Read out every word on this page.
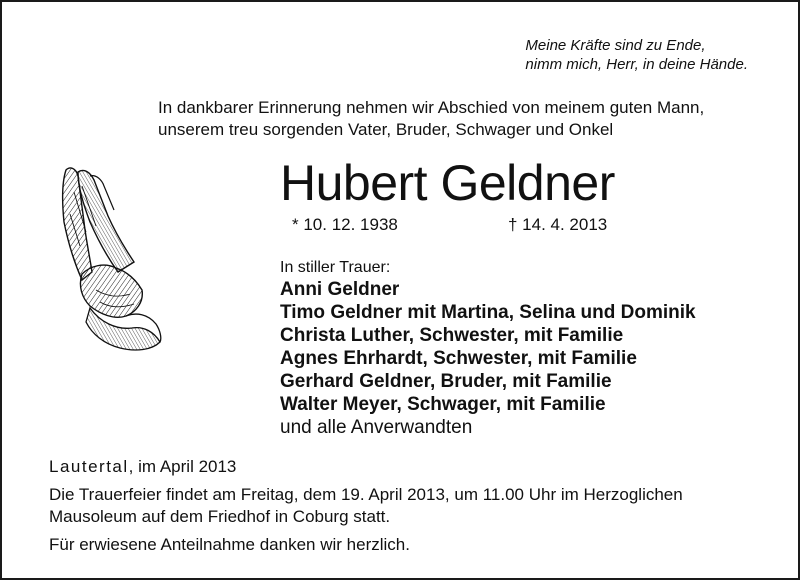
Meine Kräfte sind zu Ende,
nimm mich, Herr, in deine Hände.
In dankbarer Erinnerung nehmen wir Abschied von meinem guten Mann,
unserem treu sorgenden Vater, Bruder, Schwager und Onkel
Hubert Geldner
* 10. 12. 1938	† 14. 4. 2013
In stiller Trauer:
Anni Geldner
Timo Geldner mit Martina, Selina und Dominik
Christa Luther, Schwester, mit Familie
Agnes Ehrhardt, Schwester, mit Familie
Gerhard Geldner, Bruder, mit Familie
Walter Meyer, Schwager, mit Familie
und alle Anverwandten
Lautertal, im April 2013
Die Trauerfeier findet am Freitag, dem 19. April 2013, um 11.00 Uhr im Herzoglichen
Mausoleum auf dem Friedhof in Coburg statt.
Für erwiesene Anteilnahme danken wir herzlich.
